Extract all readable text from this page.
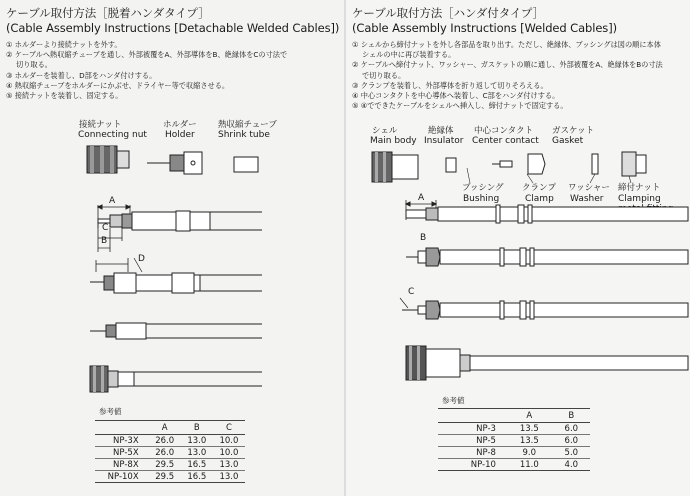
ケーブル取付方法［脱着ハンダタイプ］
(Cable Assembly Instructions [Detachable Welded Cables])
① ホルダーより接続ナットを外す。
② ケーブルへ熱収縮チューブを通し、外部被覆をA、外部導体をB、絶縁体をCの寸法で
切り取る。
③ ホルダーを装着し、D部をハンダ付けする。
④ 熱収縮チューブをホルダーにかぶせ、ドライヤー等で収縮させる。
⑤ 接続ナットを装着し、固定する。
接続ナット
Connecting nut
ホルダー
Holder
熱収縮チューブ
Shrink tube
A
C
B
D
参考値
	A	B	C
NP-3X	26.0	13.0	10.0
NP-5X	26.0	13.0	10.0
NP-8X	29.5	16.5	13.0
NP-10X	29.5	16.5	13.0
ケーブル取付方法［ハンダ付タイプ］
(Cable Assembly Instructions [Welded Cables])
① シェルから締付ナットを外し各部品を取り出す。ただし、絶縁体、ブッシングは図の順に本体
シェルの中に再び装着する。
② ケーブルへ締付ナット、ワッシャー、ガスケットの順に通し、外部被覆をA、絶縁体をBの寸法
で切り取る。
③ クランプを装着し、外部導体を折り返して切りそろえる。
④ 中心コンタクトを中心導体へ装着し、C部をハンダ付けする。
⑤ ④でできたケーブルをシェルへ挿入し、締付ナットで固定する。
シェル
Main body
絶縁体
Insulator
中心コンタクト
Center contact
ガスケット
Gasket
ブッシング
Bushing
クランプ
Clamp
ワッシャー
Washer
締付ナット
Clamping
A
B
C
参考値
	A	B
NP-3	13.5	6.0
NP-5	13.5	6.0
NP-8	9.0	5.0
NP-10	11.0	4.0
